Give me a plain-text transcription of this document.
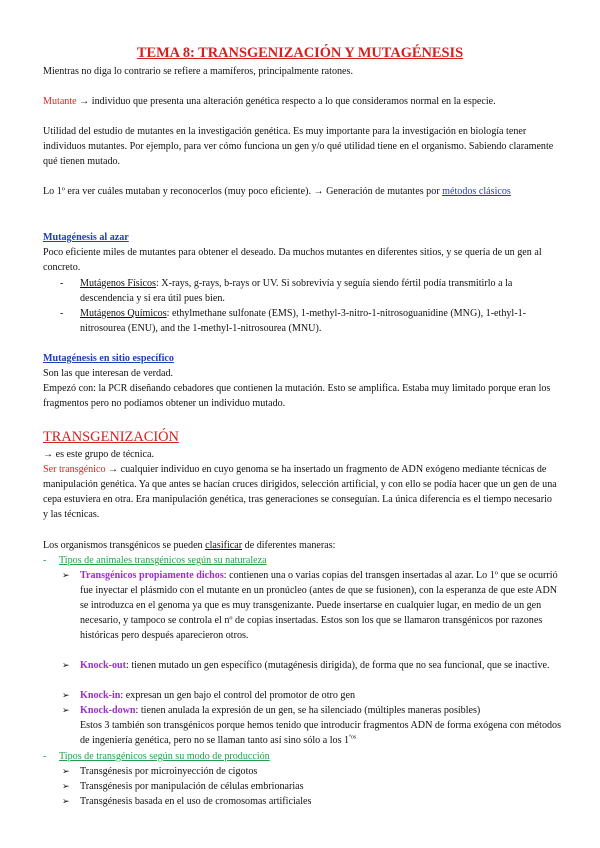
TEMA 8: TRANSGENIZACIÓN Y MUTAGÉNESIS
Mientras no diga lo contrario se refiere a mamíferos, principalmente ratones.
Mutante → individuo que presenta una alteración genética respecto a lo que consideramos normal en la especie.
Utilidad del estudio de mutantes en la investigación genética. Es muy importante para la investigación en biología tener individuos mutantes. Por ejemplo, para ver cómo funciona un gen y/o qué utilidad tiene en el organismo. Sabiendo claramente qué tienen mutado.
Lo 1º era ver cuáles mutaban y reconocerlos (muy poco eficiente). → Generación de mutantes por métodos clásicos
Mutagénesis al azar
Poco eficiente miles de mutantes para obtener el deseado. Da muchos mutantes en diferentes sitios, y se quería de un gen al concreto.
- Mutágenos Físicos: X-rays, g-rays, b-rays or UV. Si sobrevivía y seguía siendo fértil podía transmitirlo a la descendencia y si era útil pues bien.
- Mutágenos Químicos: ethylmethane sulfonate (EMS), 1-methyl-3-nitro-1-nitrosoguanidine (MNG), 1-ethyl-1-nitrosourea (ENU), and the 1-methyl-1-nitrosourea (MNU).
Mutagénesis en sitio específico
Son las que interesan de verdad.
Empezó con: la PCR diseñando cebadores que contienen la mutación. Esto se amplifica. Estaba muy limitado porque eran los fragmentos pero no podíamos obtener un individuo mutado.
TRANSGENIZACIÓN
→ es este grupo de técnica.
Ser transgénico → cualquier individuo en cuyo genoma se ha insertado un fragmento de ADN exógeno mediante técnicas de manipulación genética. Ya que antes se hacían cruces dirigidos, selección artificial, y con ello se podía hacer que un gen de una cepa estuviera en otra. Era manipulación genética, tras generaciones se conseguían. La única diferencia es el tiempo necesario y las técnicas.
Los organismos transgénicos se pueden clasificar de diferentes maneras:
- Tipos de animales transgénicos según su naturaleza
➢ Transgénicos propiamente dichos: contienen una o varias copias del transgen insertadas al azar. Lo 1º que se ocurrió fue inyectar el plásmido con el mutante en un pronúcleo (antes de que se fusionen), con la esperanza de que este ADN se introduzca en el genoma ya que es muy transgenizante. Puede insertarse en cualquier lugar, en medio de un gen necesario, y tampoco se controla el nº de copias insertadas. Estos son los que se llamaron transgénicos por razones históricas pero después aparecieron otros.
➢ Knock-out: tienen mutado un gen específico (mutagénesis dirigida), de forma que no sea funcional, que se inactive.
➢ Knock-in: expresan un gen bajo el control del promotor de otro gen
➢ Knock-down: tienen anulada la expresión de un gen, se ha silenciado (múltiples maneras posibles)
Estos 3 también son transgénicos porque hemos tenido que introducir fragmentos ADN de forma exógena con métodos de ingeniería genética, pero no se llaman tanto así sino sólo a los $1^{ºos}$
- Tipos de transgénicos según su modo de producción
➢ Transgénesis por microinyección de cigotos
➢ Transgénesis por manipulación de células embrionarias
➢ Transgénesis basada en el uso de cromosomas artificiales
